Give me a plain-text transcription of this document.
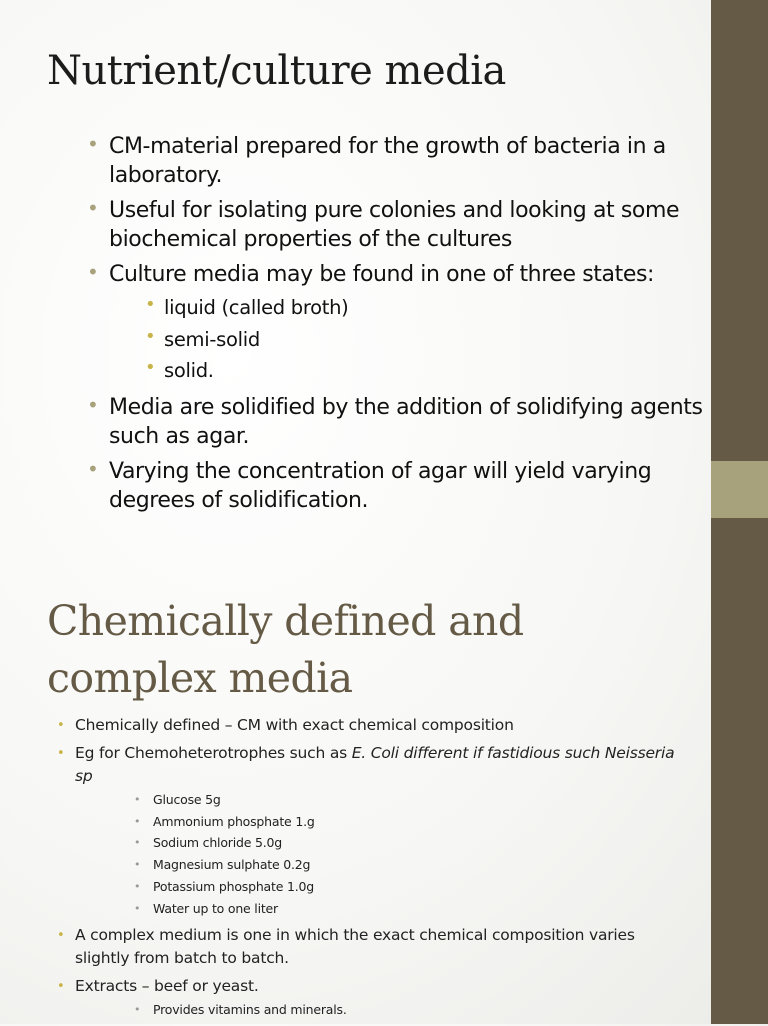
Nutrient/culture media
• CM-material prepared for the growth of bacteria in a laboratory.
• Useful for isolating pure colonies and looking at some biochemical properties of the cultures
• Culture media may be found in one of three states:
• liquid (called broth)
• semi-solid
• solid.
• Media are solidified by the addition of solidifying agents such as agar.
• Varying the concentration of agar will yield varying degrees of solidification.
Chemically defined and complex media
• Chemically defined – CM with exact chemical composition
• Eg for Chemoheterotrophes such as E. Coli different if fastidious such Neisseria sp
• Glucose 5g
• Ammonium phosphate 1.g
• Sodium chloride 5.0g
• Magnesium sulphate 0.2g
• Potassium phosphate 1.0g
• Water up to one liter
• A complex medium is one in which the exact chemical composition varies slightly from batch to batch.
• Extracts – beef or yeast.
• Provides vitamins and minerals.
